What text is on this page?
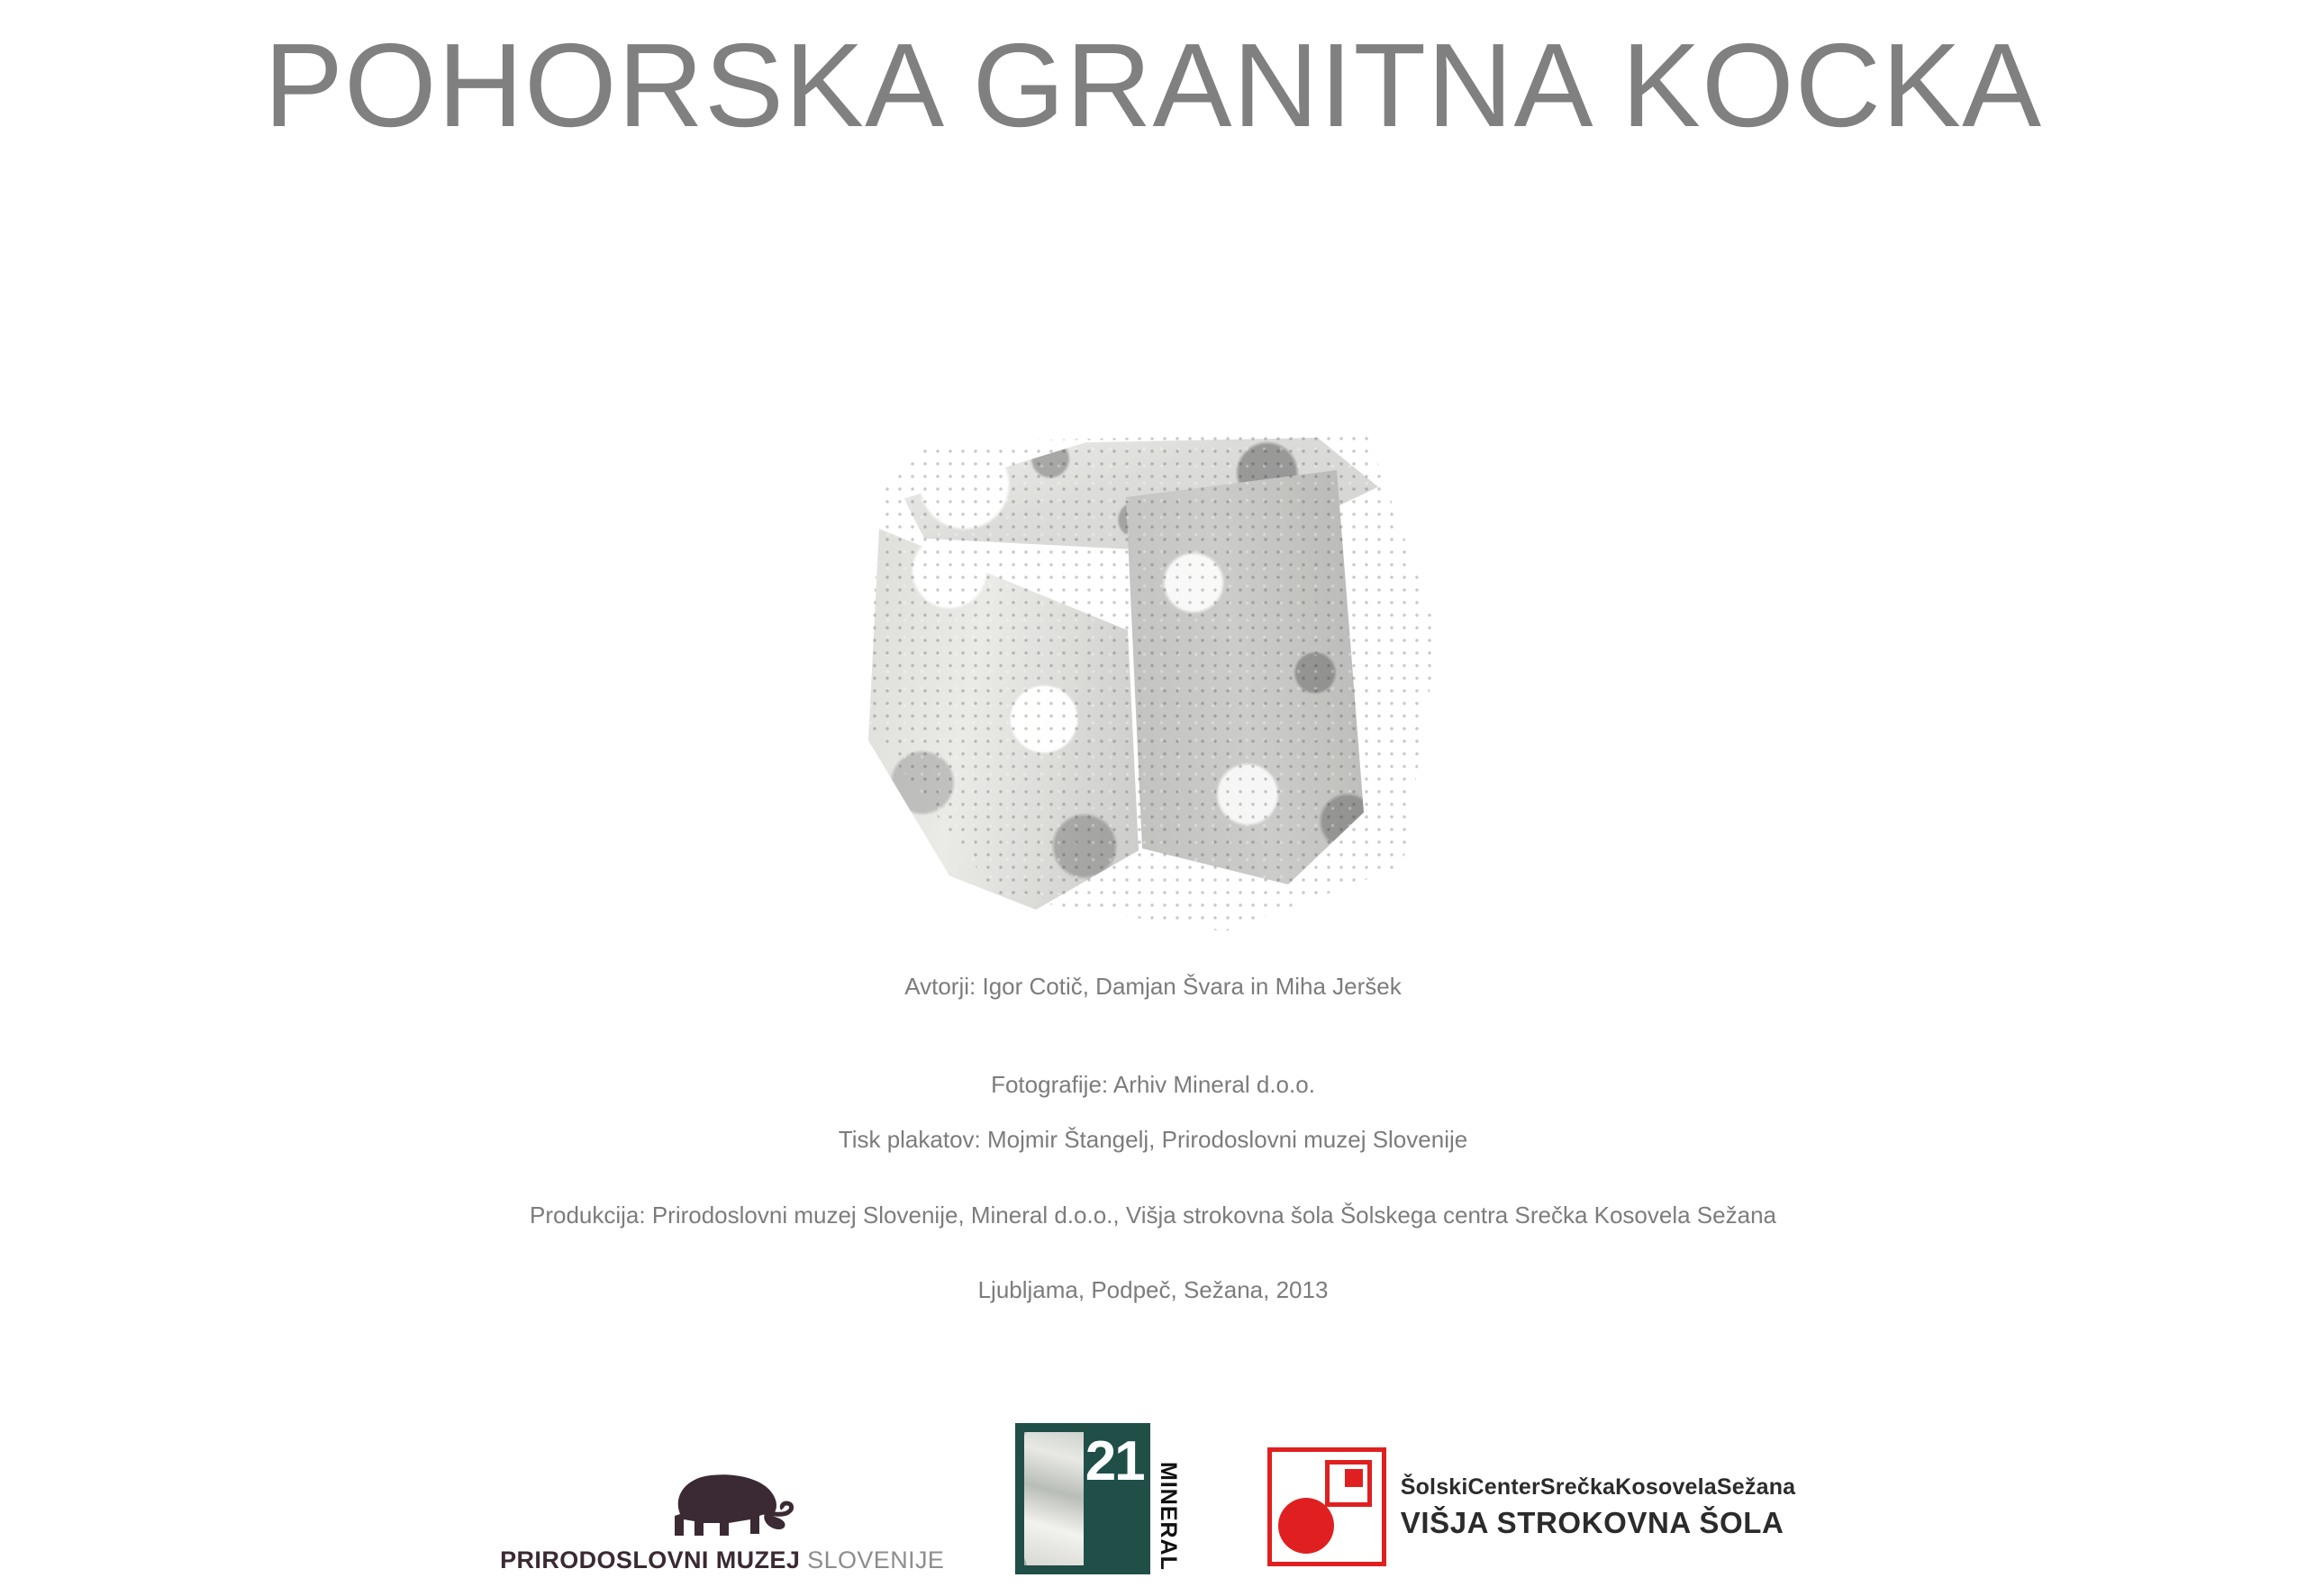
POHORSKA GRANITNA KOCKA
Avtorji: Igor Cotič, Damjan Švara in Miha Jeršek
Fotografije: Arhiv Mineral d.o.o.
Tisk plakatov: Mojmir Štangelj, Prirodoslovni muzej Slovenije
Produkcija: Prirodoslovni muzej Slovenije, Mineral d.o.o., Višja strokovna šola Šolskega centra Srečka Kosovela Sežana
Ljubljama, Podpeč, Sežana, 2013
PRIRODOSLOVNI MUZEJ SLOVENIJE
21
MINERAL	ŠolskiCenterSrečkaKosovelaSežana
VIŠJA STROKOVNA ŠOLA
